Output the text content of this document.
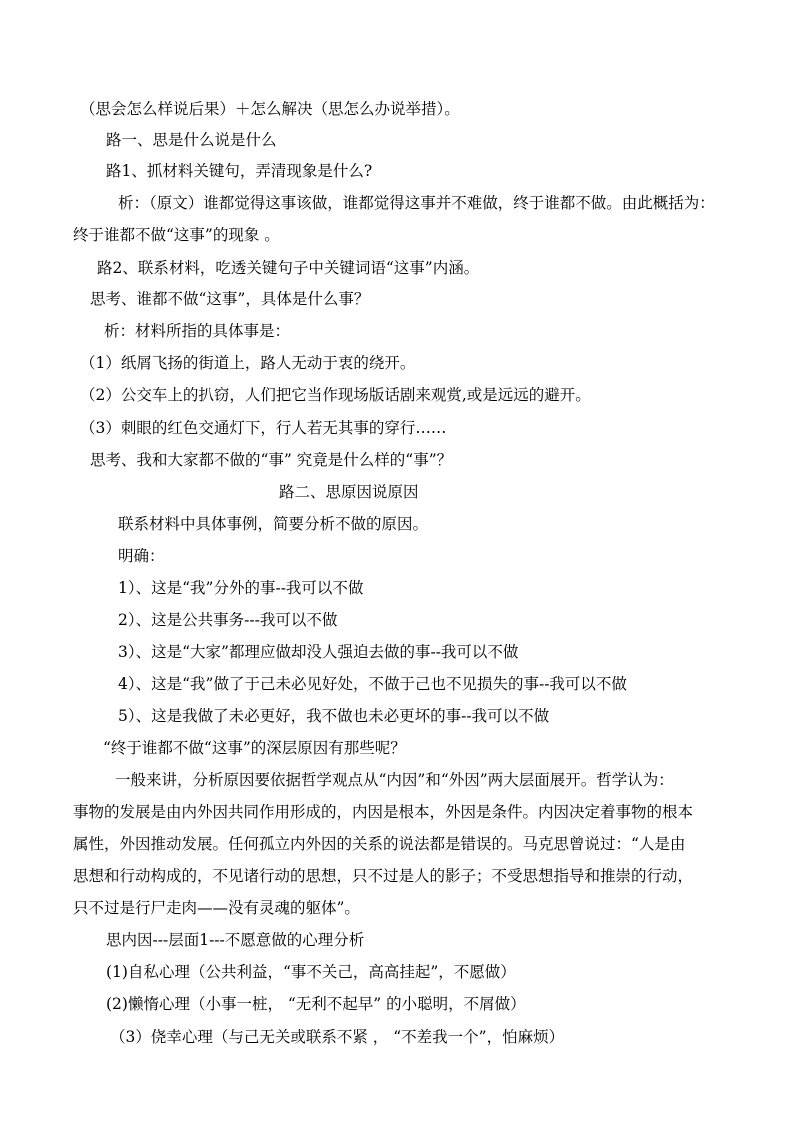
（思会怎么样说后果）＋怎么解决（思怎么办说举措）。
路一、思是什么说是什么
路1、抓材料关键句，弄清现象是什么?
析：（原文）谁都觉得这事该做，谁都觉得这事并不难做，终于谁都不做。由此概括为：
终于谁都不做“这事”的现象 。
路2、联系材料，吃透关键句子中关键词语“这事”内涵。
思考、谁都不做“这事”，具体是什么事？
析：材料所指的具体事是：
（1）纸屑飞扬的街道上，路人无动于衷的绕开。
（2）公交车上的扒窃，人们把它当作现场版话剧来观赏,或是远远的避开。
（3）刺眼的红色交通灯下，行人若无其事的穿行……
思考、我和大家都不做的“事” 究竟是什么样的“事”？
路二、思原因说原因
联系材料中具体事例，简要分析不做的原因。
明确：
1）、这是“我”分外的事--我可以不做
2）、这是公共事务---我可以不做
3）、这是“大家”都理应做却没人强迫去做的事--我可以不做
4）、这是“我”做了于己未必见好处，不做于己也不见损失的事--我可以不做
5）、这是我做了未必更好，我不做也未必更坏的事--我可以不做
“终于谁都不做“这事”的深层原因有那些呢？
一般来讲，分析原因要依据哲学观点从“内因”和“外因”两大层面展开。哲学认为：
事物的发展是由内外因共同作用形成的，内因是根本，外因是条件。内因决定着事物的根本
属性，外因推动发展。任何孤立内外因的关系的说法都是错误的。马克思曾说过：“人是由
思想和行动构成的，不见诸行动的思想，只不过是人的影子；不受思想指导和推崇的行动，
只不过是行尸走肉——没有灵魂的躯体”。
思内因---层面1---不愿意做的心理分析
(1)自私心理（公共利益，“事不关己，高高挂起”，不愿做）
(2)懒惰心理（小事一桩， “无利不起早” 的小聪明，不屑做）
（3）侥幸心理（与己无关或联系不紧 ， “不差我一个”，怕麻烦）
